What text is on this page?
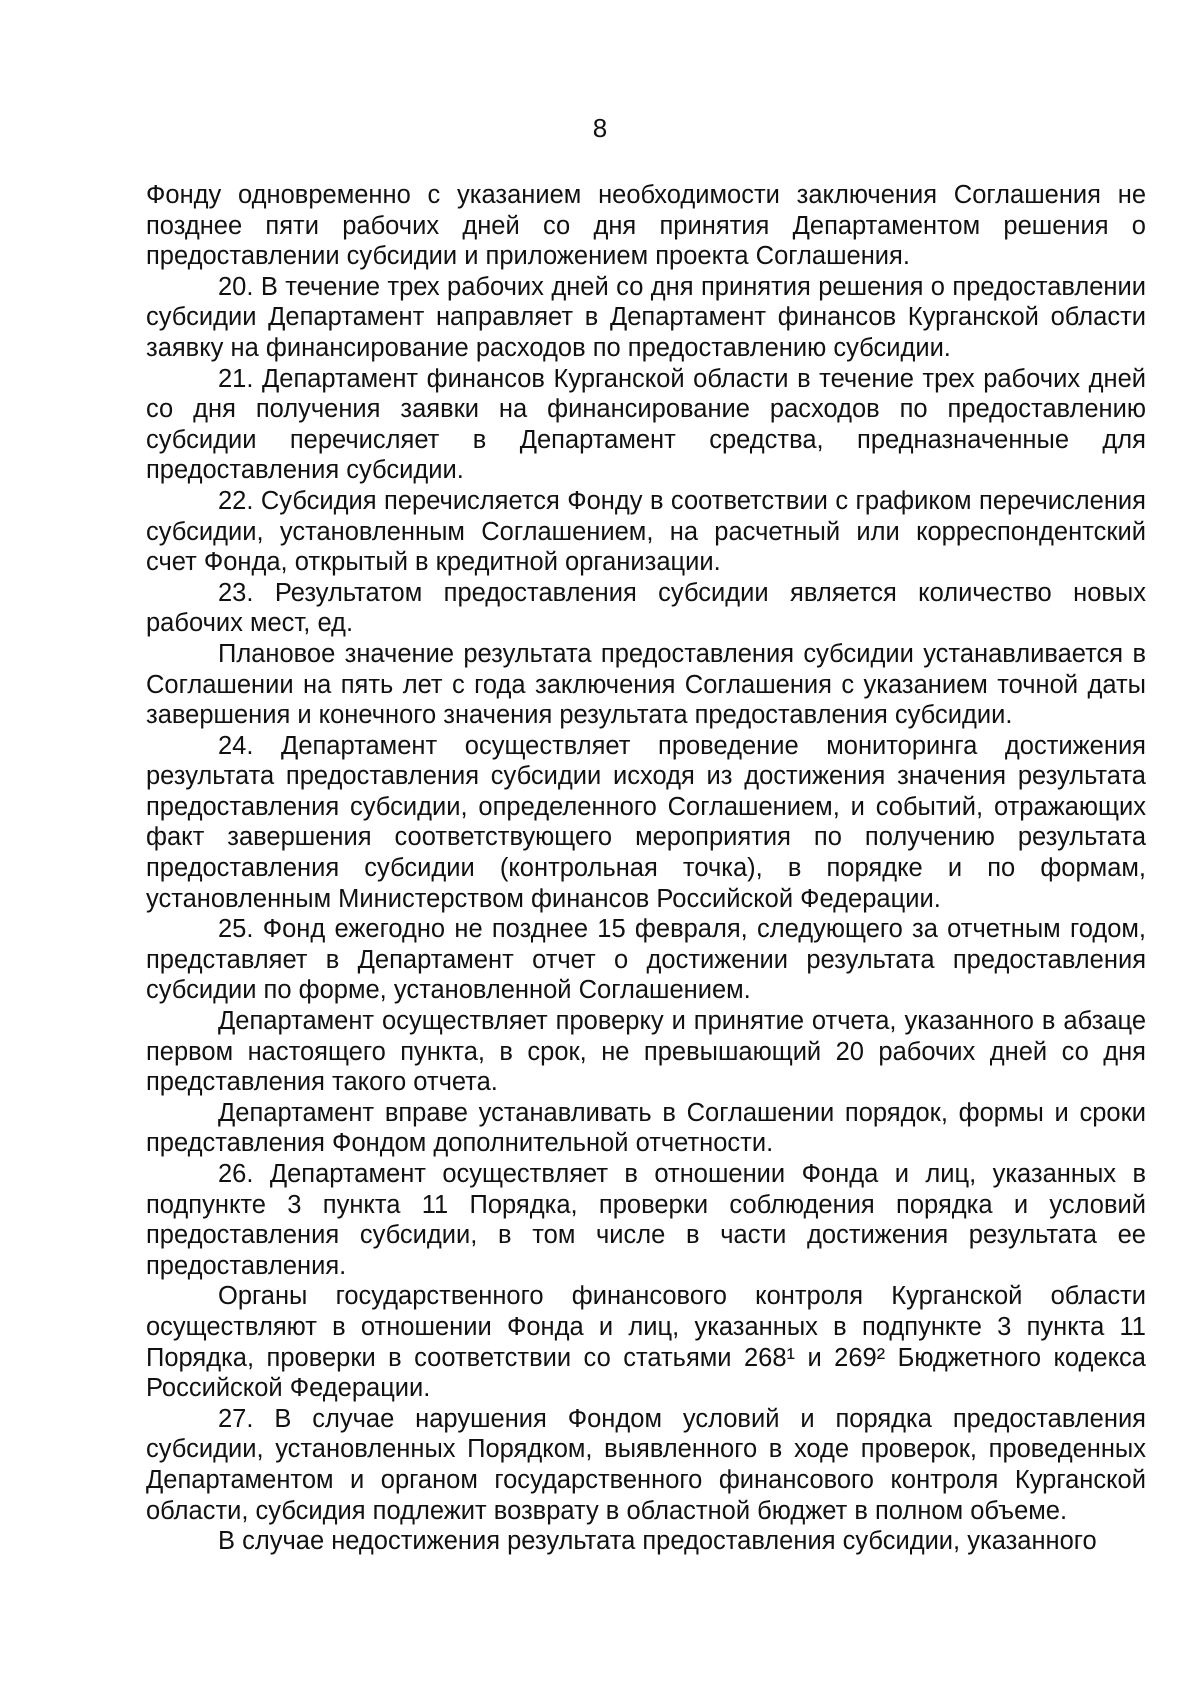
8

Фонду одновременно с указанием необходимости заключения Соглашения не позднее пяти рабочих дней со дня принятия Департаментом решения о предоставлении субсидии и приложением проекта Соглашения.

20. В течение трех рабочих дней со дня принятия решения о предоставлении субсидии Департамент направляет в Департамент финансов Курганской области заявку на финансирование расходов по предоставлению субсидии.

21. Департамент финансов Курганской области в течение трех рабочих дней со дня получения заявки на финансирование расходов по предоставлению субсидии перечисляет в Департамент средства, предназначенные для предоставления субсидии.

22. Субсидия перечисляется Фонду в соответствии с графиком перечисления субсидии, установленным Соглашением, на расчетный или корреспондентский счет Фонда, открытый в кредитной организации.

23. Результатом предоставления субсидии является количество новых рабочих мест, ед.

Плановое значение результата предоставления субсидии устанавливается в Соглашении на пять лет с года заключения Соглашения с указанием точной даты завершения и конечного значения результата предоставления субсидии.

24. Департамент осуществляет проведение мониторинга достижения результата предоставления субсидии исходя из достижения значения результата предоставления субсидии, определенного Соглашением, и событий, отражающих факт завершения соответствующего мероприятия по получению результата предоставления субсидии (контрольная точка), в порядке и по формам, установленным Министерством финансов Российской Федерации.

25. Фонд ежегодно не позднее 15 февраля, следующего за отчетным годом, представляет в Департамент отчет о достижении результата предоставления субсидии по форме, установленной Соглашением.

Департамент осуществляет проверку и принятие отчета, указанного в абзаце первом настоящего пункта, в срок, не превышающий 20 рабочих дней со дня представления такого отчета.

Департамент вправе устанавливать в Соглашении порядок, формы и сроки представления Фондом дополнительной отчетности.

26. Департамент осуществляет в отношении Фонда и лиц, указанных в подпункте 3 пункта 11 Порядка, проверки соблюдения порядка и условий предоставления субсидии, в том числе в части достижения результата ее предоставления.

Органы государственного финансового контроля Курганской области осуществляют в отношении Фонда и лиц, указанных в подпункте 3 пункта 11 Порядка, проверки в соответствии со статьями 268¹ и 269² Бюджетного кодекса Российской Федерации.

27. В случае нарушения Фондом условий и порядка предоставления субсидии, установленных Порядком, выявленного в ходе проверок, проведенных Департаментом и органом государственного финансового контроля Курганской области, субсидия подлежит возврату в областной бюджет в полном объеме.

В случае недостижения результата предоставления субсидии, указанного
